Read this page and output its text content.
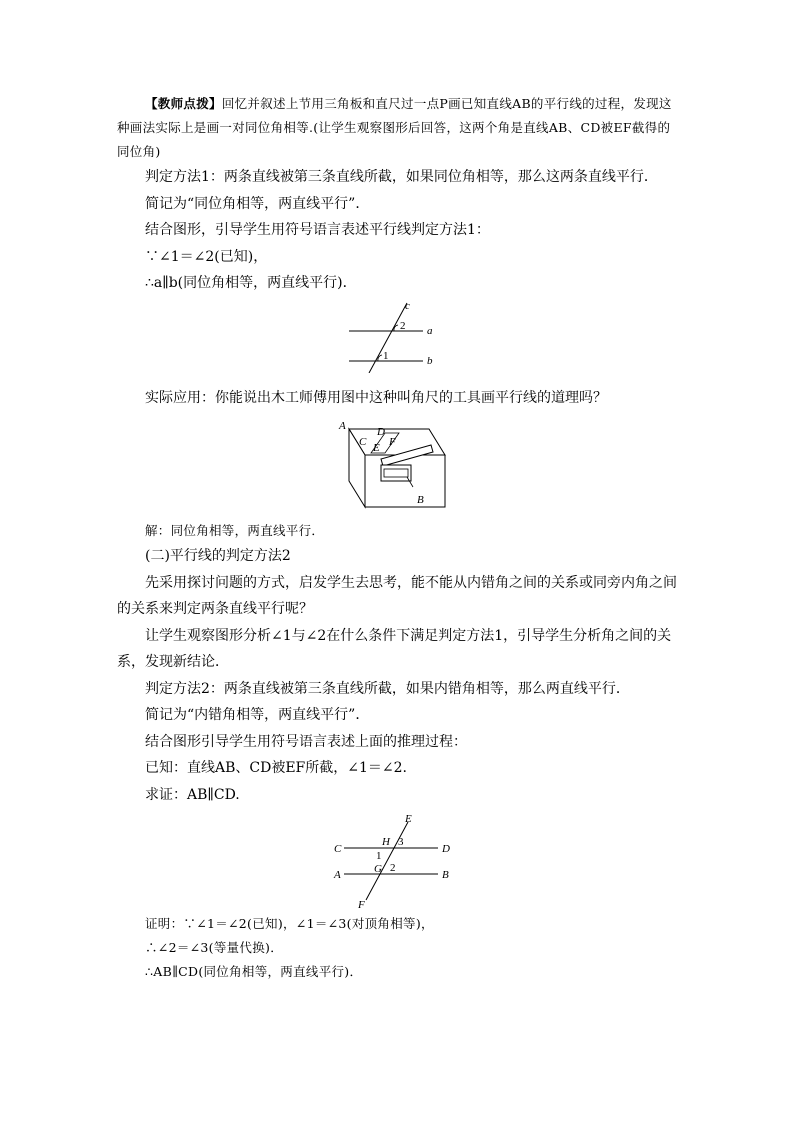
【教师点拨】回忆并叙述上节用三角板和直尺过一点P画已知直线AB的平行线的过程，发现这种画法实际上是画一对同位角相等.(让学生观察图形后回答，这两个角是直线AB、CD被EF截得的同位角)
判定方法1：两条直线被第三条直线所截，如果同位角相等，那么这两条直线平行．
简记为“同位角相等，两直线平行”．
结合图形，引导学生用符号语言表述平行线判定方法1：
∵∠1＝∠2(已知)，
∴a∥b(同位角相等，两直线平行)．
c
2 a
1	b
实际应用：你能说出木工师傅用图中这种叫角尺的工具画平行线的道理吗？
A
C
D
E F
B
解：同位角相等，两直线平行．
(二)平行线的判定方法2
先采用探讨问题的方式，启发学生去思考，能不能从内错角之间的关系或同旁内角之间的关系来判定两条直线平行呢？
让学生观察图形分析∠1与∠2在什么条件下满足判定方法1，引导学生分析角之间的关系，发现新结论．
判定方法2：两条直线被第三条直线所截，如果内错角相等，那么两直线平行．
简记为“内错角相等，两直线平行”．
结合图形引导学生用符号语言表述上面的推理过程：
已知：直线AB、CD被EF所截，∠1＝∠2.
求证：AB∥CD.
E
C
H 3
D
1
G 2
A	B
F
证明：∵∠1＝∠2(已知)，∠1＝∠3(对顶角相等)，
∴∠2＝∠3(等量代换)．
∴AB∥CD(同位角相等，两直线平行)．
